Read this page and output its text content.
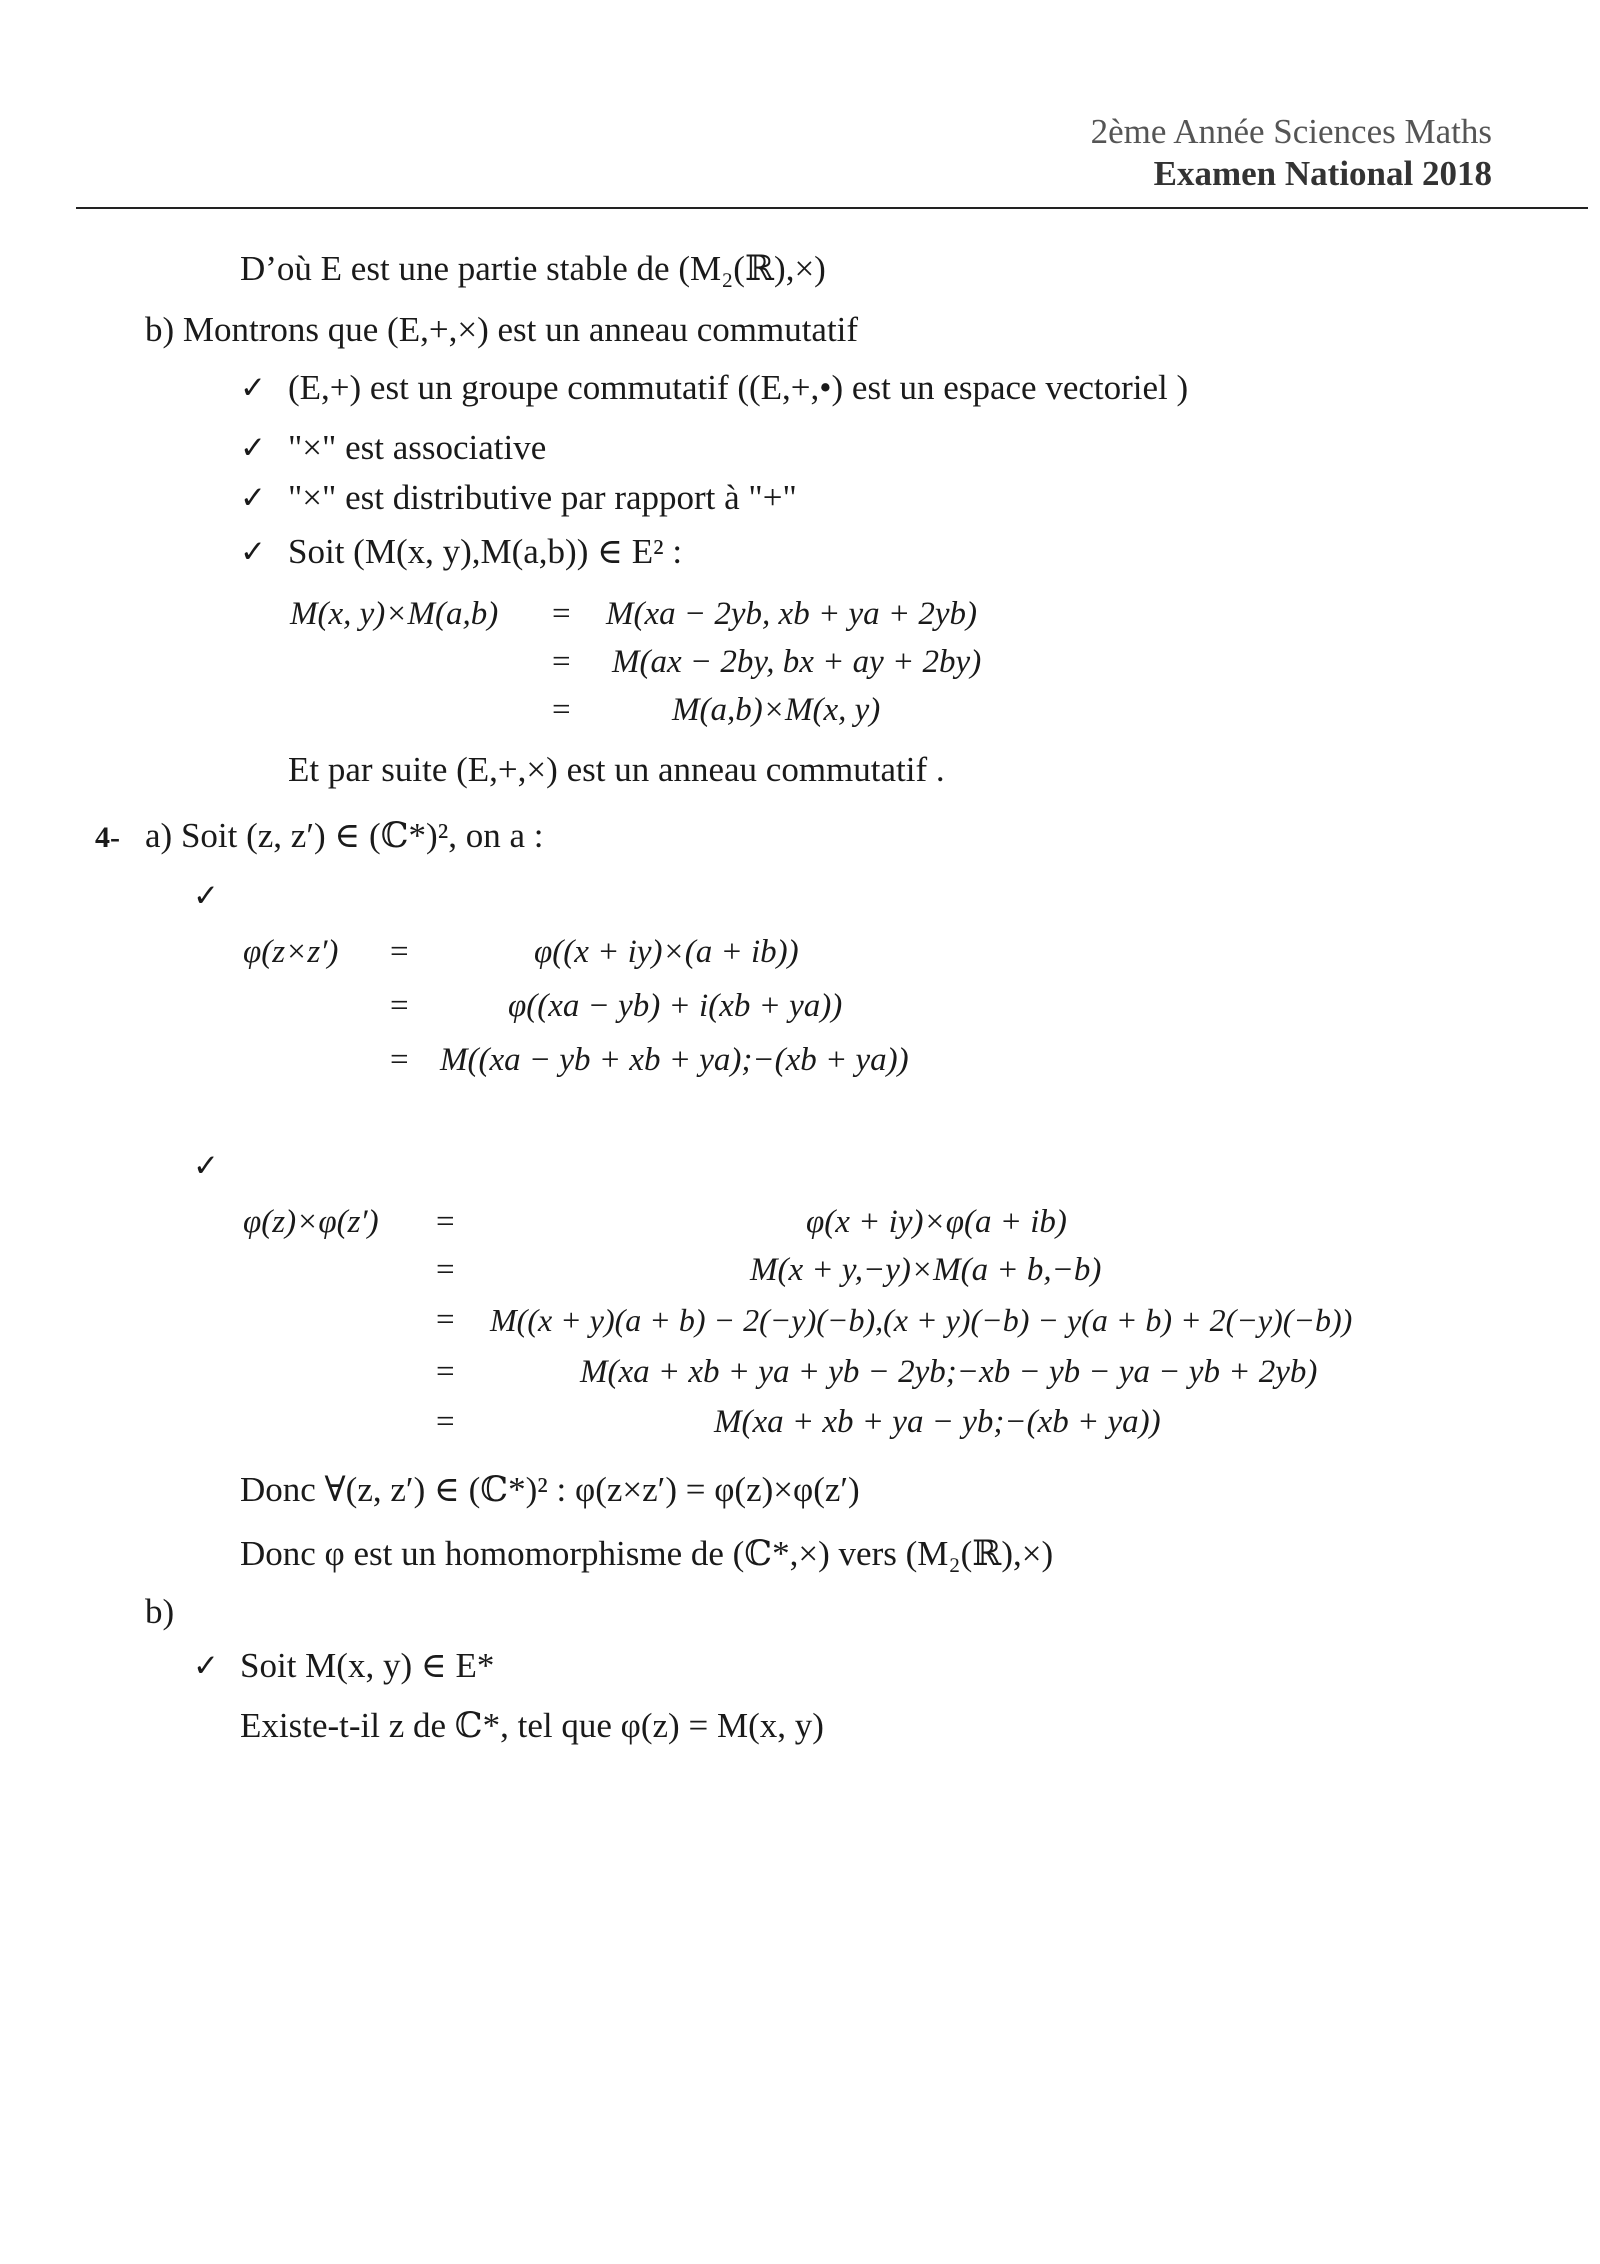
2ème Année Sciences Maths
Examen National 2018
D’où E est une partie stable de (M₂(ℝ),×)
b) Montrons que (E,+,×) est un anneau commutatif
✓ (E,+) est un groupe commutatif ((E,+,•) est un espace vectoriel )
✓ "×" est associative
✓ "×" est distributive par rapport à "+"
✓ Soit (M(x, y),M(a,b)) ∈ E² :
M(x, y)×M(a,b) = M(xa − 2yb, xb + ya + 2yb)
= M(ax − 2by, bx + ay + 2by)
=	M(a,b)×M(x, y)
Et par suite (E,+,×) est un anneau commutatif .
4- a) Soit (z, z′) ∈ (ℂ*)², on a :
✓
φ(z×z′) =	φ((x + iy)×(a + ib))
=	φ((xa − yb) + i(xb + ya))
= M((xa − yb + xb + ya);−(xb + ya))
✓
φ(z)×φ(z′) =	φ(x + iy)×φ(a + ib)
=	M(x + y,−y)×M(a + b,−b)
= M((x + y)(a + b) − 2(−y)(−b),(x + y)(−b) − y(a + b) + 2(−y)(−b))
=	M(xa + xb + ya + yb − 2yb;−xb − yb − ya − yb + 2yb)
=	M(xa + xb + ya − yb;−(xb + ya))
Donc ∀(z, z′) ∈ (ℂ*)² : φ(z×z′) = φ(z)×φ(z′)
Donc φ est un homomorphisme de (ℂ*,×) vers (M₂(ℝ),×)
b)
✓ Soit M(x, y) ∈ E*
Existe-t-il z de ℂ*, tel que φ(z) = M(x, y)
